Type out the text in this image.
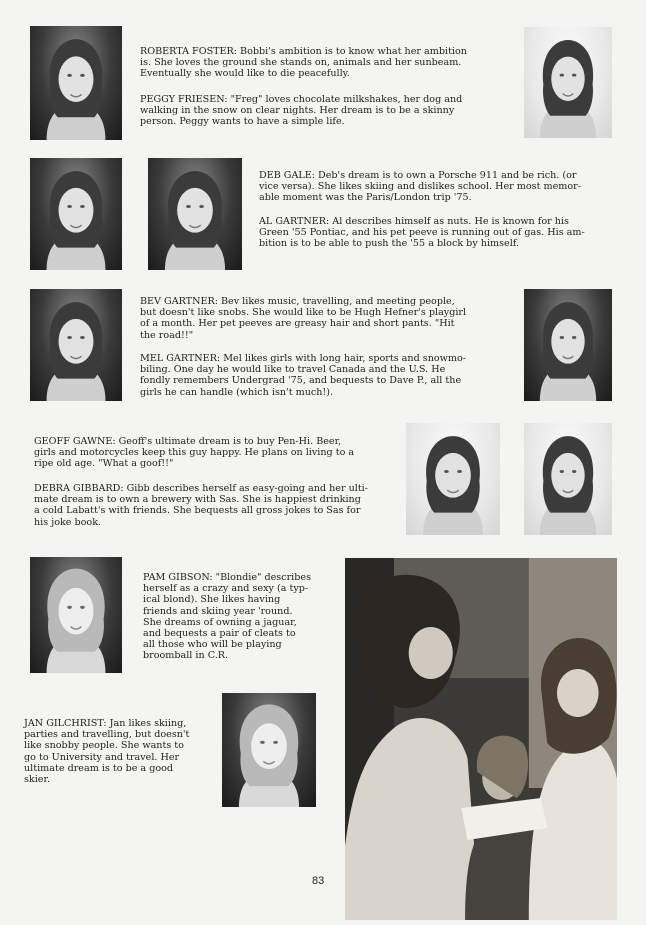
ROBERTA FOSTER: Bobbi's ambition is to know what her ambition
is. She loves the ground she stands on, animals and her sunbeam.
Eventually she would like to die peacefully.

PEGGY FRIESEN: "Freg" loves chocolate milkshakes, her dog and
walking in the snow on clear nights. Her dream is to be a skinny
person. Peggy wants to have a simple life.

DEB GALE: Deb's dream is to own a Porsche 911 and be rich. (or
vice versa). She likes skiing and dislikes school. Her most memor-
able moment was the Paris/London trip '75.

AL GARTNER: Al describes himself as nuts. He is known for his
Green '55 Pontiac, and his pet peeve is running out of gas. His am-
bition is to be able to push the '55 a block by himself.

BEV GARTNER: Bev likes music, travelling, and meeting people,
but doesn't like snobs. She would like to be Hugh Hefner's playgirl
of a month. Her pet peeves are greasy hair and short pants. "Hit
the road!!"

MEL GARTNER: Mel likes girls with long hair, sports and snowmo-
biling. One day he would like to travel Canada and the U.S. He
fondly remembers Undergrad '75, and bequests to Dave P., all the
girls he can handle (which isn't much!).

GEOFF GAWNE: Geoff's ultimate dream is to buy Pen-Hi. Beer,
girls and motorcycles keep this guy happy. He plans on living to a
ripe old age. "What a goof!!"

DEBRA GIBBARD: Gibb describes herself as easy-going and her ulti-
mate dream is to own a brewery with Sas. She is happiest drinking
a cold Labatt's with friends. She bequests all gross jokes to Sas for
his joke book.

PAM GIBSON: "Blondie" describes
herself as a crazy and sexy (a typ-
ical blond). She likes having
friends and skiing year 'round.
She dreams of owning a jaguar,
and bequests a pair of cleats to
all those who will be playing
broomball in C.R.

JAN GILCHRIST: Jan likes skiing,
parties and travelling, but doesn't
like snobby people. She wants to
go to University and travel. Her
ultimate dream is to be a good
skier.

83
